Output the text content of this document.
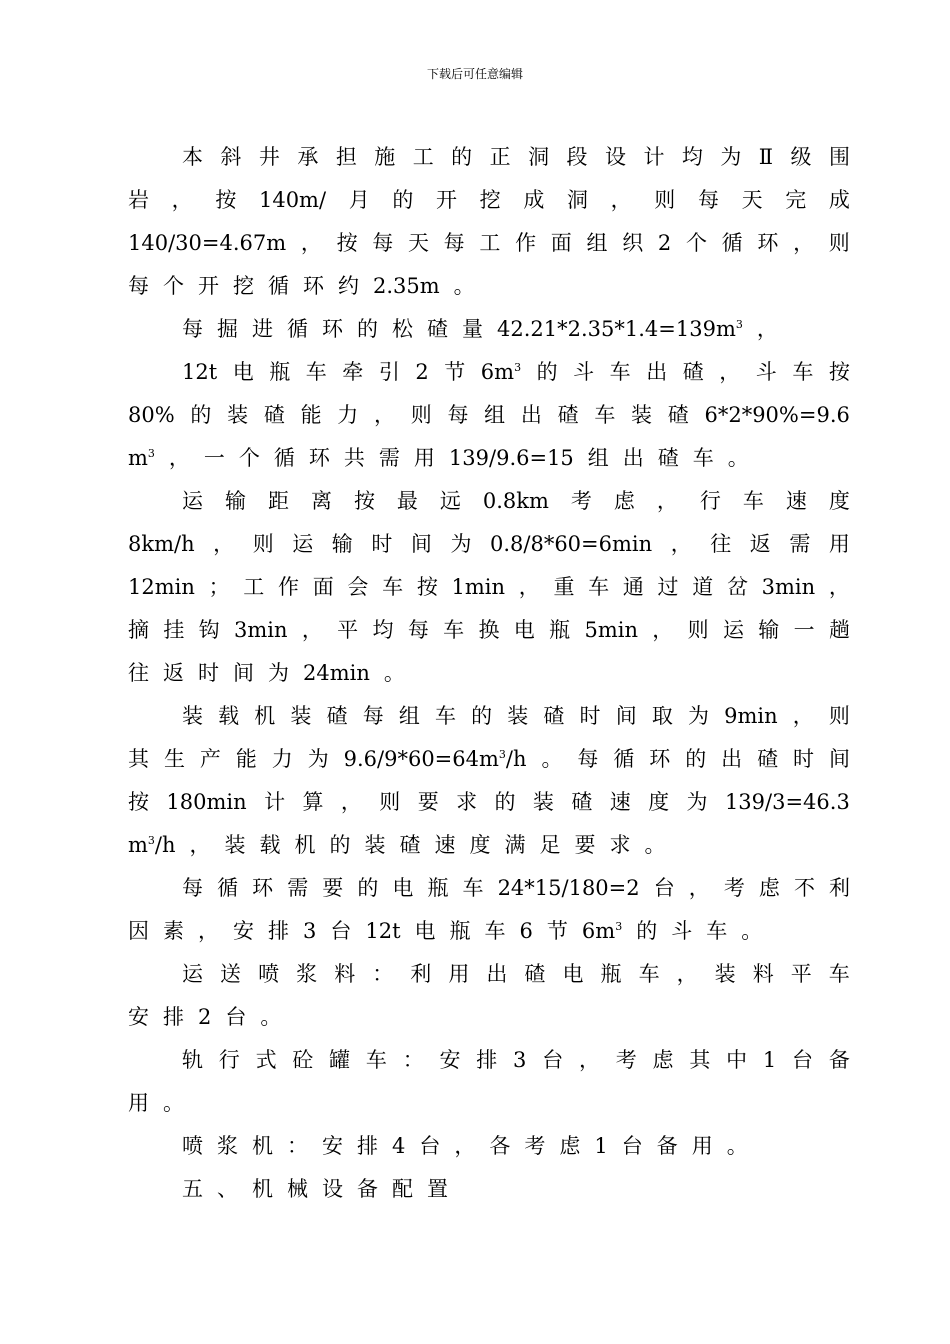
下载后可任意编辑
本 斜 井 承 担 施 工 的 正 洞 段 设 计 均 为 Ⅱ 级 围
岩 ， 按 140m/ 月 的 开 挖 成 洞 ， 则 每 天 完 成
140/30=4.67m ， 按 每 天 每 工 作 面 组 织 2 个 循 环 ， 则
每 个 开 挖 循 环 约 2.35m 。
每 掘 进 循 环 的 松 碴 量 $42.21*2.35*1.4=139m^3$ ，
12t 电 瓶 车 牵 引 2 节 $6m^3$ 的 斗 车 出 碴 ， 斗 车 按
80% 的 装 碴 能 力 ， 则 每 组 出 碴 车 装 碴 6*2*90%=9.6
$m^3$ ， 一 个 循 环 共 需 用 139/9.6=15 组 出 碴 车 。
运 输 距 离 按 最 远 0.8km 考 虑 ， 行 车 速 度
8km/h ， 则 运 输 时 间 为 0.8/8*60=6min ， 往 返 需 用
12min ； 工 作 面 会 车 按 1min ， 重 车 通 过 道 岔 3min ，
摘 挂 钩 3min ， 平 均 每 车 换 电 瓶 5min ， 则 运 输 一 趟
往 返 时 间 为 24min 。
装 载 机 装 碴 每 组 车 的 装 碴 时 间 取 为 9min ， 则
其 生 产 能 力 为 $9.6/9*60=64m^3/h$ 。 每 循 环 的 出 碴 时 间
按 180min 计 算 ， 则 要 求 的 装 碴 速 度 为 139/3=46.3
$m^3/h$ ， 装 载 机 的 装 碴 速 度 满 足 要 求 。
每 循 环 需 要 的 电 瓶 车 24*15/180=2 台 ， 考 虑 不 利
因 素 ， 安 排 3 台 12t 电 瓶 车 6 节 $6m^3$ 的 斗 车 。
运 送 喷 浆 料 ： 利 用 出 碴 电 瓶 车 ， 装 料 平 车
安 排 2 台 。
轨 行 式 砼 罐 车 ： 安 排 3 台 ， 考 虑 其 中 1 台 备
用 。
喷 浆 机 ： 安 排 4 台 ， 各 考 虑 1 台 备 用 。
五 、 机 械 设 备 配 置
